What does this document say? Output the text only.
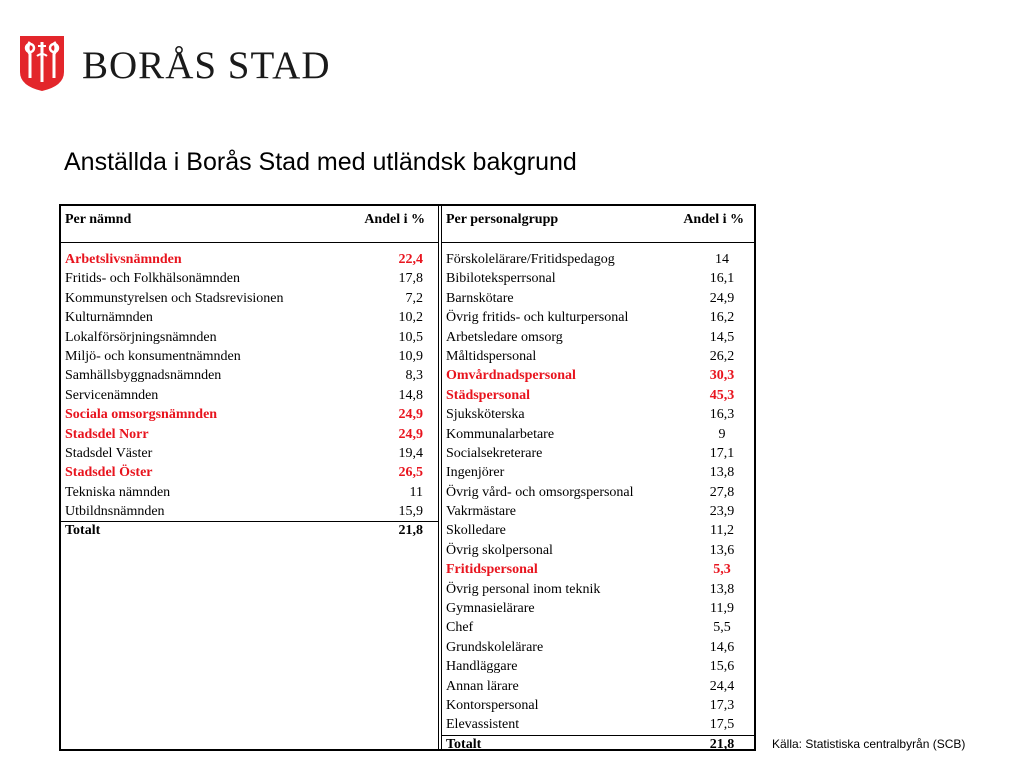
BORÅS STAD
Anställda i Borås Stad med utländsk bakgrund
Per nämnd	Andel i %
Arbetslivsnämnden	22,4
Fritids- och Folkhälsonämnden	17,8
Kommunstyrelsen och Stadsrevisionen	7,2
Kulturnämnden	10,2
Lokalförsörjningsnämnden	10,5
Miljö- och konsumentnämnden	10,9
Samhällsbyggnadsnämnden	8,3
Servicenämnden	14,8
Sociala omsorgsnämnden	24,9
Stadsdel Norr	24,9
Stadsdel Väster	19,4
Stadsdel Öster	26,5
Tekniska nämnden	11
Utbildnsnämnden	15,9
Totalt	21,8
Per personalgrupp	Andel i %
Förskolelärare/Fritidspedagog	14
Bibiloteksperrsonal	16,1
Barnskötare	24,9
Övrig fritids- och kulturpersonal	16,2
Arbetsledare omsorg	14,5
Måltidspersonal	26,2
Omvårdnadspersonal	30,3
Städspersonal	45,3
Sjuksköterska	16,3
Kommunalarbetare	9
Socialsekreterare	17,1
Ingenjörer	13,8
Övrig vård- och omsorgspersonal	27,8
Vakrmästare	23,9
Skolledare	11,2
Övrig skolpersonal	13,6
Fritidspersonal	5,3
Övrig personal inom teknik	13,8
Gymnasielärare	11,9
Chef	5,5
Grundskolelärare	14,6
Handläggare	15,6
Annan lärare	24,4
Kontorspersonal	17,3
Elevassistent	17,5
Totalt	21,8	Källa: Statistiska centralbyrån (SCB)
